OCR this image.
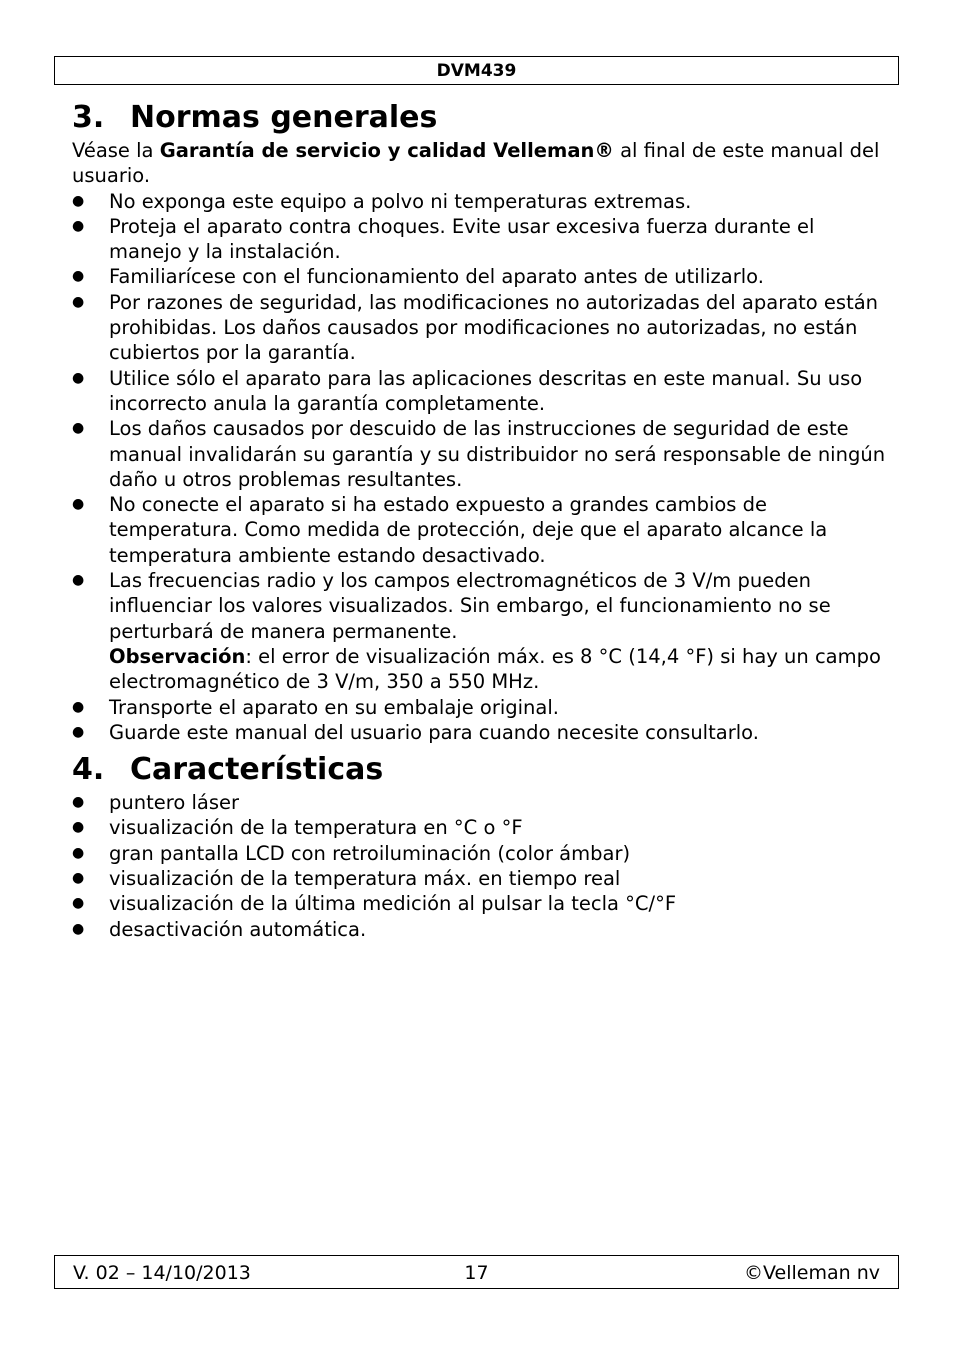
DVM439
3. Normas generales

Véase la Garantía de servicio y calidad Velleman® al final de este manual del usuario.

● No exponga este equipo a polvo ni temperaturas extremas.
● Proteja el aparato contra choques. Evite usar excesiva fuerza durante el manejo y la instalación.
● Familiarícese con el funcionamiento del aparato antes de utilizarlo.
● Por razones de seguridad, las modificaciones no autorizadas del aparato están prohibidas. Los daños causados por modificaciones no autorizadas, no están cubiertos por la garantía.
● Utilice sólo el aparato para las aplicaciones descritas en este manual. Su uso incorrecto anula la garantía completamente.
● Los daños causados por descuido de las instrucciones de seguridad de este manual invalidarán su garantía y su distribuidor no será responsable de ningún daño u otros problemas resultantes.
● No conecte el aparato si ha estado expuesto a grandes cambios de temperatura. Como medida de protección, deje que el aparato alcance la temperatura ambiente estando desactivado.
● Las frecuencias radio y los campos electromagnéticos de 3 V/m pueden influenciar los valores visualizados. Sin embargo, el funcionamiento no se perturbará de manera permanente.
Observación: el error de visualización máx. es 8 °C (14,4 °F) si hay un campo electromagnético de 3 V/m, 350 a 550 MHz.
● Transporte el aparato en su embalaje original.
● Guarde este manual del usuario para cuando necesite consultarlo.
4. Características
● puntero láser
● visualización de la temperatura en °C o °F
● gran pantalla LCD con retroiluminación (color ámbar)
● visualización de la temperatura máx. en tiempo real
● visualización de la última medición al pulsar la tecla °C/°F
● desactivación automática.
V. 02 – 14/10/2013	17	©Velleman nv
